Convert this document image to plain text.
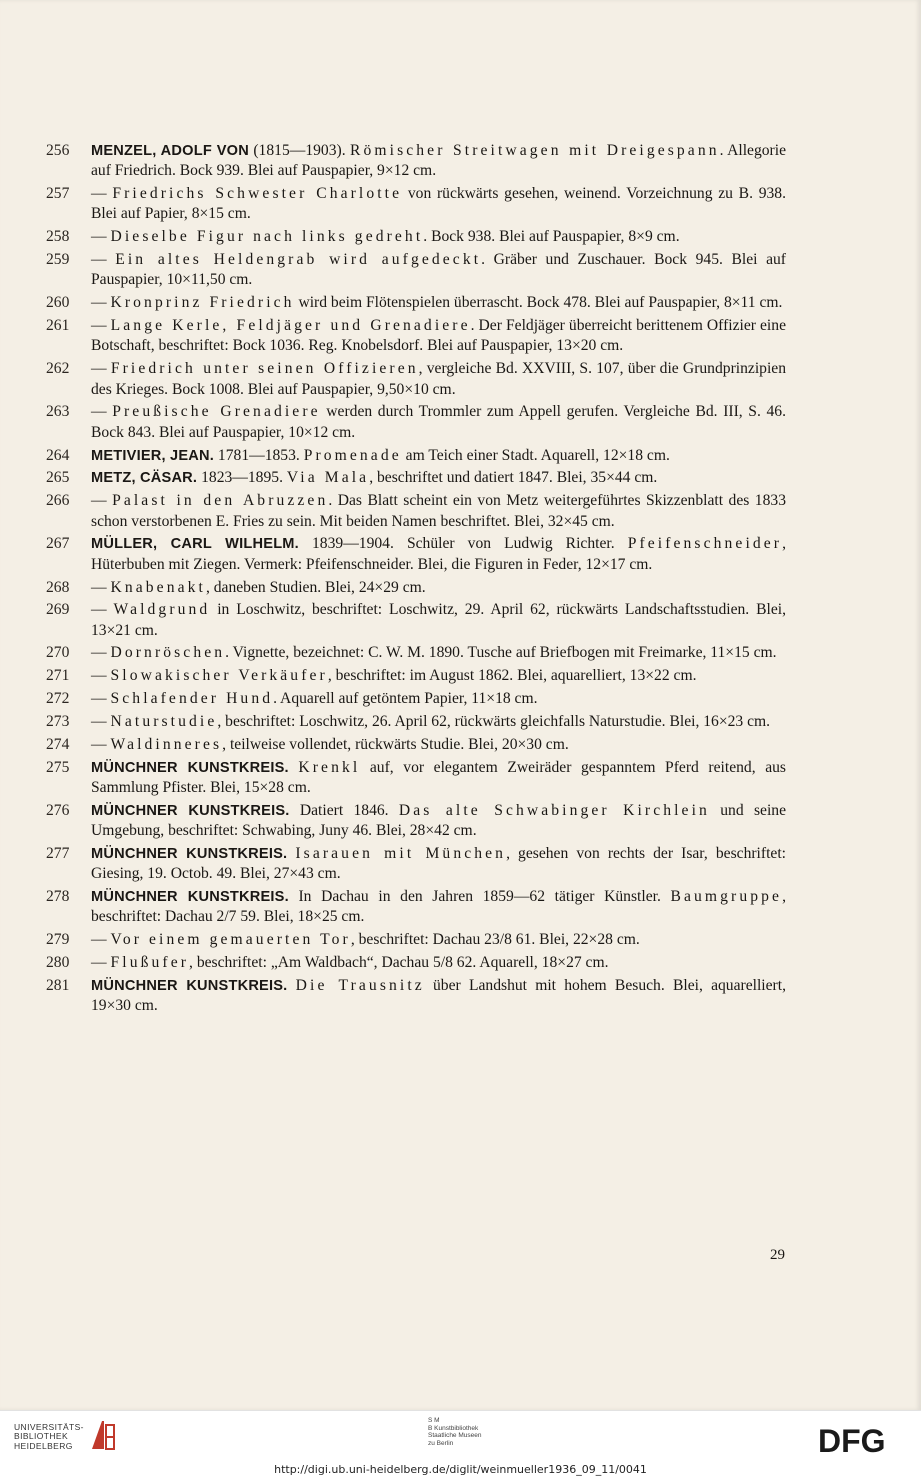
256	MENZEL, ADOLF VON (1815—1903). Römischer Streitwagen mit Dreigespann. Allegorie auf Friedrich. Bock 939. Blei auf Pauspapier, 9×12 cm.
257	— Friedrichs Schwester Charlotte von rückwärts gesehen, weinend. Vorzeichnung zu B. 938. Blei auf Papier, 8×15 cm.
258	— Dieselbe Figur nach links gedreht. Bock 938. Blei auf Pauspapier, 8×9 cm.
259	— Ein altes Heldengrab wird aufgedeckt. Gräber und Zuschauer. Bock 945. Blei auf Pauspapier, 10×11,50 cm.
260	— Kronprinz Friedrich wird beim Flötenspielen überrascht. Bock 478. Blei auf Pauspapier, 8×11 cm.
261	— Lange Kerle, Feldjäger und Grenadiere. Der Feldjäger überreicht berittenem Offizier eine Botschaft, beschriftet: Bock 1036. Reg. Knobelsdorf. Blei auf Pauspapier, 13×20 cm.
262	— Friedrich unter seinen Offizieren, vergleiche Bd. XXVIII, S. 107, über die Grundprinzipien des Krieges. Bock 1008. Blei auf Pauspapier, 9,50×10 cm.
263	— Preußische Grenadiere werden durch Trommler zum Appell gerufen. Vergleiche Bd. III, S. 46. Bock 843. Blei auf Pauspapier, 10×12 cm.
264	METIVIER, JEAN. 1781—1853. Promenade am Teich einer Stadt. Aquarell, 12×18 cm.
265	METZ, CÄSAR. 1823—1895. Via Mala, beschriftet und datiert 1847. Blei, 35×44 cm.
266	— Palast in den Abruzzen. Das Blatt scheint ein von Metz weitergeführtes Skizzenblatt des 1833 schon verstorbenen E. Fries zu sein. Mit beiden Namen beschriftet. Blei, 32×45 cm.
267	MÜLLER, CARL WILHELM. 1839—1904. Schüler von Ludwig Richter. Pfeifenschneider, Hüterbuben mit Ziegen. Vermerk: Pfeifenschneider. Blei, die Figuren in Feder, 12×17 cm.
268	— Knabenakt, daneben Studien. Blei, 24×29 cm.
269	— Waldgrund in Loschwitz, beschriftet: Loschwitz, 29. April 62, rückwärts Landschaftsstudien. Blei, 13×21 cm.
270	— Dornröschen. Vignette, bezeichnet: C. W. M. 1890. Tusche auf Briefbogen mit Freimarke, 11×15 cm.
271	— Slowakischer Verkäufer, beschriftet: im August 1862. Blei, aquarelliert, 13×22 cm.
272	— Schlafender Hund. Aquarell auf getöntem Papier, 11×18 cm.
273	— Naturstudie, beschriftet: Loschwitz, 26. April 62, rückwärts gleichfalls Naturstudie. Blei, 16×23 cm.
274	— Waldinneres, teilweise vollendet, rückwärts Studie. Blei, 20×30 cm.
275	MÜNCHNER KUNSTKREIS. Krenkl auf, vor elegantem Zweiräder gespanntem Pferd reitend, aus Sammlung Pfister. Blei, 15×28 cm.
276	MÜNCHNER KUNSTKREIS. Datiert 1846. Das alte Schwabinger Kirchlein und seine Umgebung, beschriftet: Schwabing, Juny 46. Blei, 28×42 cm.
277	MÜNCHNER KUNSTKREIS. Isarauen mit München, gesehen von rechts der Isar, beschriftet: Giesing, 19. Octob. 49. Blei, 27×43 cm.
278	MÜNCHNER KUNSTKREIS. In Dachau in den Jahren 1859—62 tätiger Künstler. Baumgruppe, beschriftet: Dachau 2/7 59. Blei, 18×25 cm.
279	— Vor einem gemauerten Tor, beschriftet: Dachau 23/8 61. Blei, 22×28 cm.
280	— Flußufer, beschriftet: „Am Waldbach“, Dachau 5/8 62. Aquarell, 18×27 cm.
281	MÜNCHNER KUNSTKREIS. Die Trausnitz über Landshut mit hohem Besuch. Blei, aquarelliert, 19×30 cm.
29
UNIVERSITÄTS-
BIBLIOTHEK
HEIDELBERG
S M
B Kunstbibliothek
Staatliche Museen
zu Berlin	DFG
http://digi.ub.uni-heidelberg.de/diglit/weinmueller1936_09_11/0041
